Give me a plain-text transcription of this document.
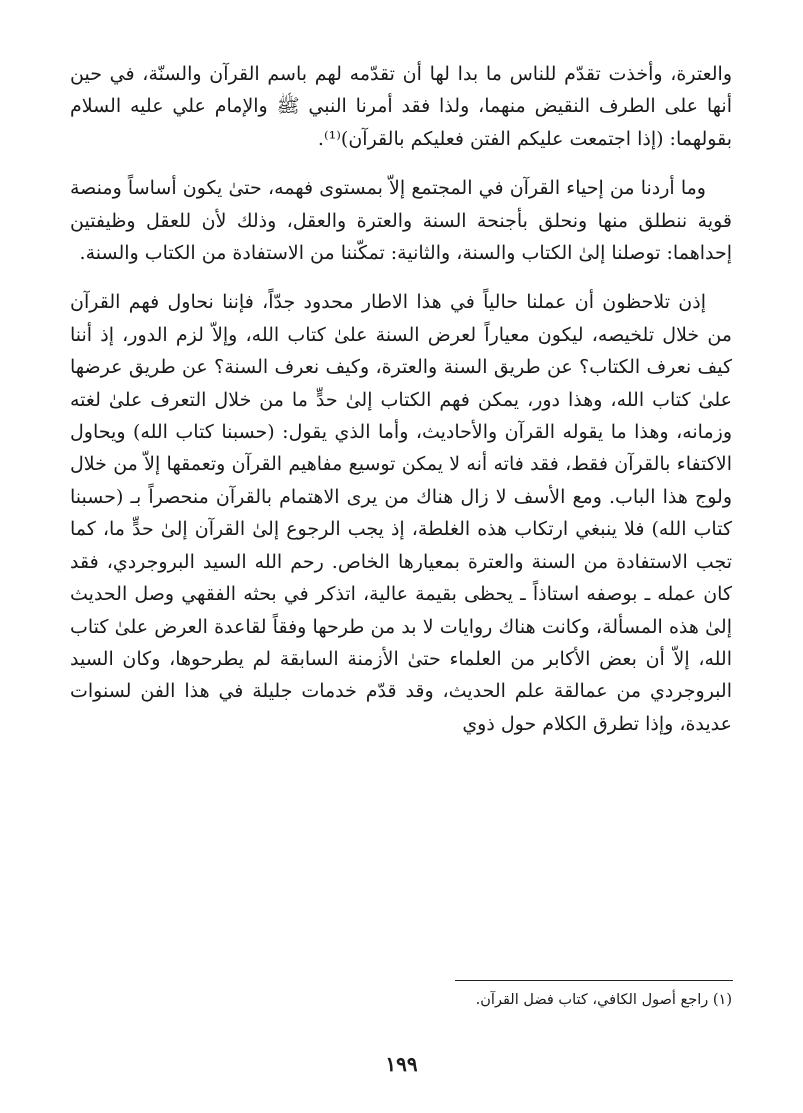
والعترة، وأخذت تقدّم للناس ما بدا لها أن تقدّمه لهم باسم القرآن والسنّة، في حين أنها على الطرف النقيض منهما، ولذا فقد أمرنا النبي ﷺ والإمام علي عليه السلام بقولهما: (إذا اجتمعت عليكم الفتن فعليكم بالقرآن)⁽¹⁾.

وما أردنا من إحياء القرآن في المجتمع إلاّ بمستوى فهمه، حتىٰ يكون أساساً ومنصة قوية ننطلق منها ونحلق بأجنحة السنة والعترة والعقل، وذلك لأن للعقل وظيفتين إحداهما: توصلنا إلىٰ الكتاب والسنة، والثانية: تمكّننا من الاستفادة من الكتاب والسنة.

إذن تلاحظون أن عملنا حالياً في هذا الاطار محدود جدّاً، فإننا نحاول فهم القرآن من خلال تلخيصه، ليكون معياراً لعرض السنة علىٰ كتاب الله، وإلاّ لزم الدور، إذ أننا كيف نعرف الكتاب؟ عن طريق السنة والعترة، وكيف نعرف السنة؟ عن طريق عرضها علىٰ كتاب الله، وهذا دور، يمكن فهم الكتاب إلىٰ حدٍّ ما من خلال التعرف علىٰ لغته وزمانه، وهذا ما يقوله القرآن والأحاديث، وأما الذي يقول: (حسبنا كتاب الله) ويحاول الاكتفاء بالقرآن فقط، فقد فاته أنه لا يمكن توسيع مفاهيم القرآن وتعمقها إلاّ من خلال ولوج هذا الباب. ومع الأسف لا زال هناك من يرى الاهتمام بالقرآن منحصراً بـ (حسبنا كتاب الله) فلا ينبغي ارتكاب هذه الغلطة، إذ يجب الرجوع إلىٰ القرآن إلىٰ حدٍّ ما، كما تجب الاستفادة من السنة والعترة بمعيارها الخاص. رحم الله السيد البروجردي، فقد كان عمله ـ بوصفه استاذاً ـ يحظى بقيمة عالية، اتذكر في بحثه الفقهي وصل الحديث إلىٰ هذه المسألة، وكانت هناك روايات لا بد من طرحها وفقاً لقاعدة العرض علىٰ كتاب الله، إلاّ أن بعض الأكابر من العلماء حتىٰ الأزمنة السابقة لم يطرحوها، وكان السيد البروجردي من عمالقة علم الحديث، وقد قدّم خدمات جليلة في هذا الفن لسنوات عديدة، وإذا تطرق الكلام حول ذوي

(١) راجع أصول الكافي، كتاب فضل القرآن.

١٩٩
